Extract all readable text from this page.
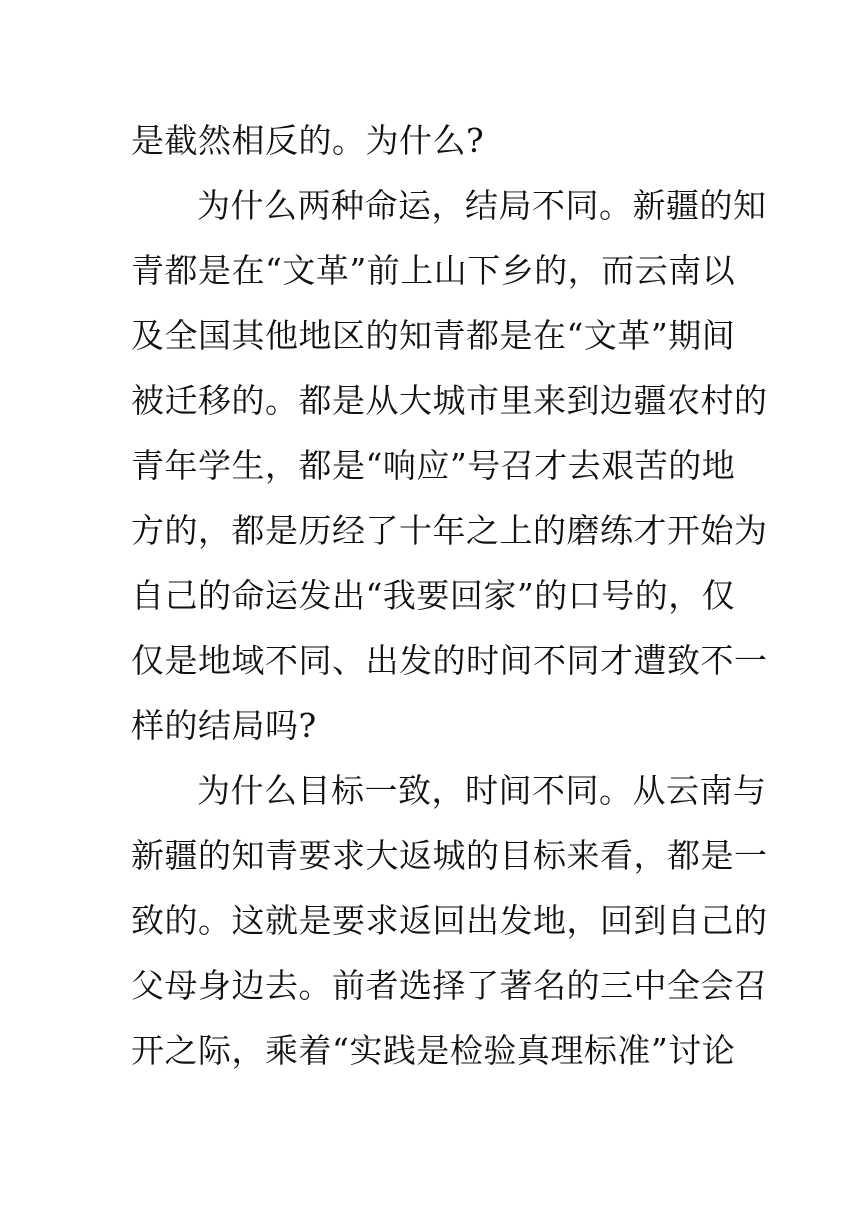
是截然相反的。为什么?
为什么两种命运，结局不同。新疆的知
青都是在“文革”前上山下乡的，而云南以
及全国其他地区的知青都是在“文革”期间
被迁移的。都是从大城市里来到边疆农村的
青年学生，都是“响应”号召才去艰苦的地
方的，都是历经了十年之上的磨练才开始为
自己的命运发出“我要回家”的口号的，仅
仅是地域不同、出发的时间不同才遭致不一
样的结局吗?
为什么目标一致，时间不同。从云南与
新疆的知青要求大返城的目标来看，都是一
致的。这就是要求返回出发地，回到自己的
父母身边去。前者选择了著名的三中全会召
开之际，乘着“实践是检验真理标准”讨论
